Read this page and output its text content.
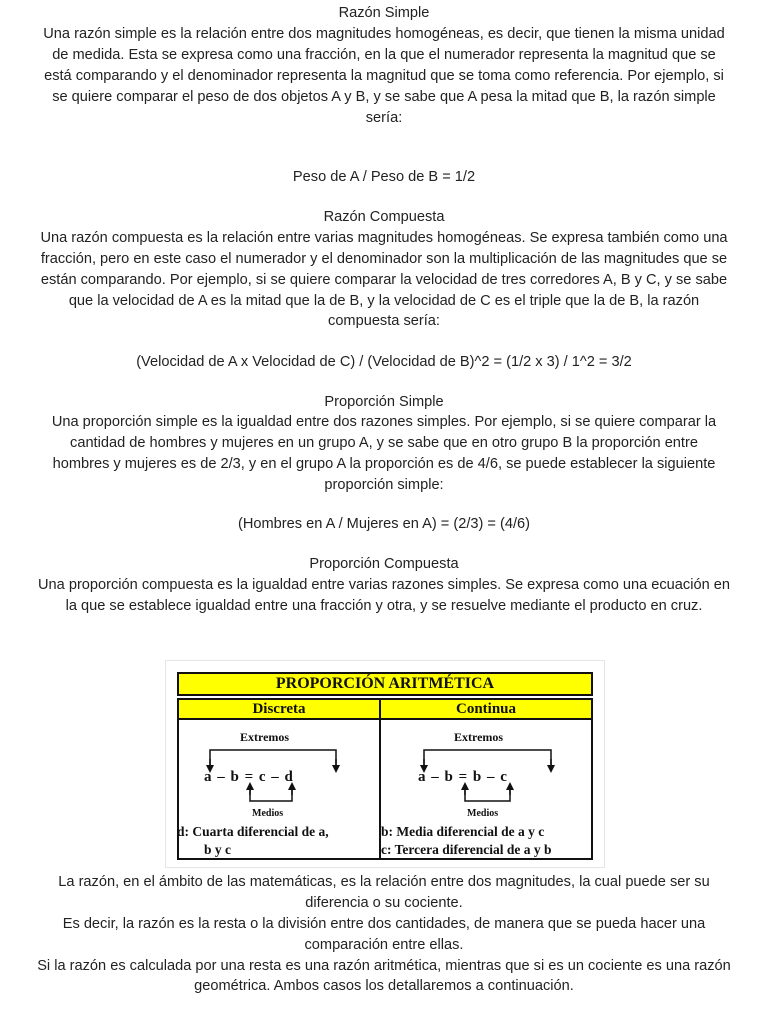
Razón Simple

Una razón simple es la relación entre dos magnitudes homogéneas, es decir, que tienen la misma unidad

de medida. Esta se expresa como una fracción, en la que el numerador representa la magnitud que se

está comparando y el denominador representa la magnitud que se toma como referencia. Por ejemplo, si

se quiere comparar el peso de dos objetos A y B, y se sabe que A pesa la mitad que B, la razón simple

sería:

Peso de A / Peso de B = 1/2

Razón Compuesta

Una razón compuesta es la relación entre varias magnitudes homogéneas. Se expresa también como una

fracción, pero en este caso el numerador y el denominador son la multiplicación de las magnitudes que se

están comparando. Por ejemplo, si se quiere comparar la velocidad de tres corredores A, B y C, y se sabe

que la velocidad de A es la mitad que la de B, y la velocidad de C es el triple que la de B, la razón

compuesta sería:

(Velocidad de A x Velocidad de C) / (Velocidad de B)^2 = (1/2 x 3) / 1^2 = 3/2

Proporción Simple

Una proporción simple es la igualdad entre dos razones simples. Por ejemplo, si se quiere comparar la

cantidad de hombres y mujeres en un grupo A, y se sabe que en otro grupo B la proporción entre

hombres y mujeres es de 2/3, y en el grupo A la proporción es de 4/6, se puede establecer la siguiente

proporción simple:

(Hombres en A / Mujeres en A) = (2/3) = (4/6)

Proporción Compuesta

Una proporción compuesta es la igualdad entre varias razones simples. Se expresa como una ecuación en

la que se establece igualdad entre una fracción y otra, y se resuelve mediante el producto en cruz.

PROPORCIÓN ARITMÉTICA
Discreta	Continua

Extremos

a – b = c – d

Medios

d: Cuarta diferencial de a,

b y c

Extremos

a – b = b – c

Medios

b: Media diferencial de a y c

c: Tercera diferencial de a y b

La razón, en el ámbito de las matemáticas, es la relación entre dos magnitudes, la cual puede ser su

diferencia o su cociente.

Es decir, la razón es la resta o la división entre dos cantidades, de manera que se pueda hacer una

comparación entre ellas.

Si la razón es calculada por una resta es una razón aritmética, mientras que si es un cociente es una razón

geométrica. Ambos casos los detallaremos a continuación.
